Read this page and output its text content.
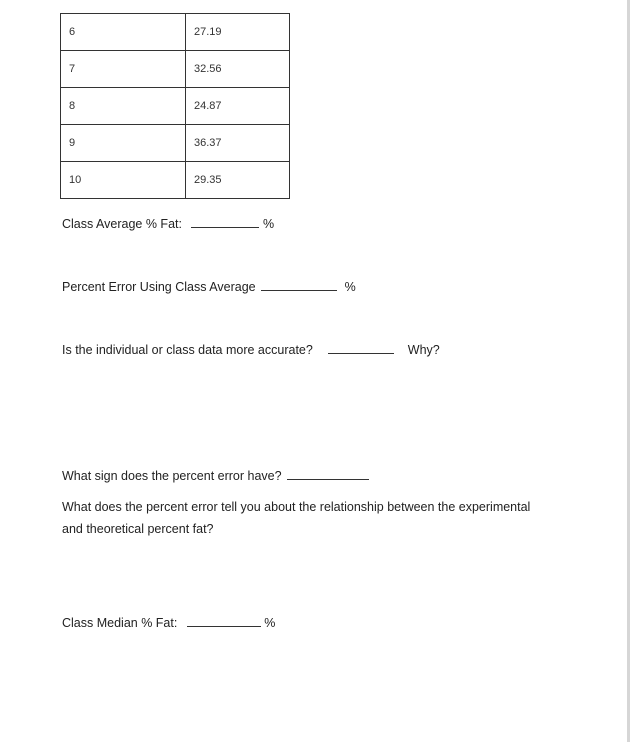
6	27.19
7	32.56
8	24.87
9	36.37
10	29.35
Class Average % Fat:	%
Percent Error Using Class Average	%
Is the individual or class data more accurate?	Why?
What sign does the percent error have?
What does the percent error tell you about the relationship between the experimental and theoretical percent fat?
Class Median % Fat:	%
